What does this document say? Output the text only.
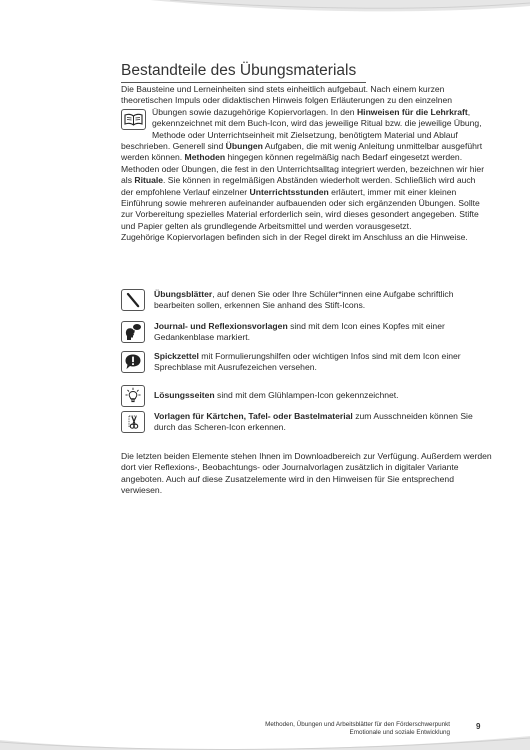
Bestandteile des Übungsmaterials

Die Bausteine und Lerneinheiten sind stets einheitlich aufgebaut. Nach einem kurzen theoretischen Impuls oder didaktischen Hinweis folgen Erläuterungen zu den einzelnen Übungen sowie dazugehörige Kopiervorlagen. In den
Hinweisen für die Lehrkraft, gekennzeichnet mit dem Buch-Icon, wird das jeweilige Ritual bzw. die jeweilige Übung, Methode oder Unterrichtseinheit mit Zielsetzung, benötigtem Material und Ablauf beschrieben. Generell sind Übungen Aufgaben, die mit wenig Anleitung unmittelbar ausgeführt werden können. Methoden hingegen können regelmäßig nach Bedarf eingesetzt werden. Methoden oder Übungen, die fest in den Unterrichtsalltag integriert werden, bezeichnen wir hier als Rituale. Sie können in regelmäßigen Abständen wiederholt werden. Schließlich wird auch der empfohlene Verlauf einzelner Unterrichtsstunden erläutert, immer mit einer kleinen Einführung sowie mehreren aufeinander aufbauenden oder sich ergänzenden Übungen. Sollte zur Vorbereitung spezielles Material erforderlich sein, wird dieses gesondert angegeben. Stifte und Papier gelten als grundlegende Arbeitsmittel und werden vorausgesetzt.

Zugehörige Kopiervorlagen befinden sich in der Regel direkt im Anschluss an die Hinweise.

Übungsblätter, auf denen Sie oder Ihre Schüler*innen eine Aufgabe schriftlich bearbeiten sollen, erkennen Sie anhand des Stift-Icons.
Journal- und Reflexionsvorlagen sind mit dem Icon eines Kopfes mit einer Gedankenblase markiert.
Spickzettel mit Formulierungshilfen oder wichtigen Infos sind mit dem Icon einer Sprechblase mit Ausrufezeichen versehen.
Lösungsseiten sind mit dem Glühlampen-Icon gekennzeichnet.
Vorlagen für Kärtchen, Tafel- oder Bastelmaterial zum Ausschneiden können Sie durch das Scheren-Icon erkennen.

Die letzten beiden Elemente stehen Ihnen im Downloadbereich zur Verfügung. Außerdem werden dort vier Reflexions-, Beobachtungs- oder Journalvorlagen zusätzlich in digitaler Variante angeboten. Auch auf diese Zusatzelemente wird in den Hinweisen für Sie entsprechend verwiesen.

Methoden, Übungen und Arbeitsblätter für den Förderschwerpunkt
Emotionale und soziale Entwicklung
9
